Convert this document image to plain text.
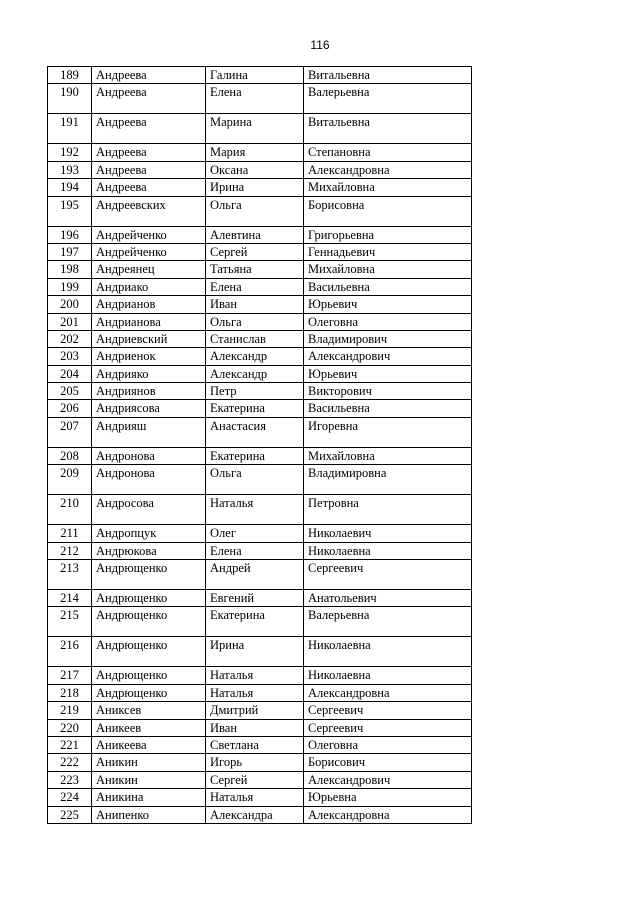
116
189	Андреева	Галина	Витальевна
190	Андреева	Елена	Валерьевна
191	Андреева	Марина	Витальевна
192	Андреева	Мария	Степановна
193	Андреева	Оксана	Александровна
194	Андреева	Ирина	Михайловна
195	Андреевских	Ольга	Борисовна
196	Андрейченко	Алевтина	Григорьевна
197	Андрейченко	Сергей	Геннадьевич
198	Андреянец	Татьяна	Михайловна
199	Андриако	Елена	Васильевна
200	Андрианов	Иван	Юрьевич
201	Андрианова	Ольга	Олеговна
202	Андриевский	Станислав	Владимирович
203	Андриенок	Александр	Александрович
204	Андрияко	Александр	Юрьевич
205	Андриянов	Петр	Викторович
206	Андриясова	Екатерина	Васильевна
207	Андрияш	Анастасия	Игоревна
208	Андронова	Екатерина	Михайловна
209	Андронова	Ольга	Владимировна
210	Андросова	Наталья	Петровна
211	Андропцук	Олег	Николаевич
212	Андрюкова	Елена	Николаевна
213	Андрющенко	Андрей	Сергеевич
214	Андрющенко	Евгений	Анатольевич
215	Андрющенко	Екатерина	Валерьевна
216	Андрющенко	Ирина	Николаевна
217	Андрющенко	Наталья	Николаевна
218	Андрющенко	Наталья	Александровна
219	Аниксев	Дмитрий	Сергеевич
220	Аникеев	Иван	Сергеевич
221	Аникеева	Светлана	Олеговна
222	Аникин	Игорь	Борисович
223	Аникин	Сергей	Александрович
224	Аникина	Наталья	Юрьевна
225	Анипенко	Александра	Александровна
